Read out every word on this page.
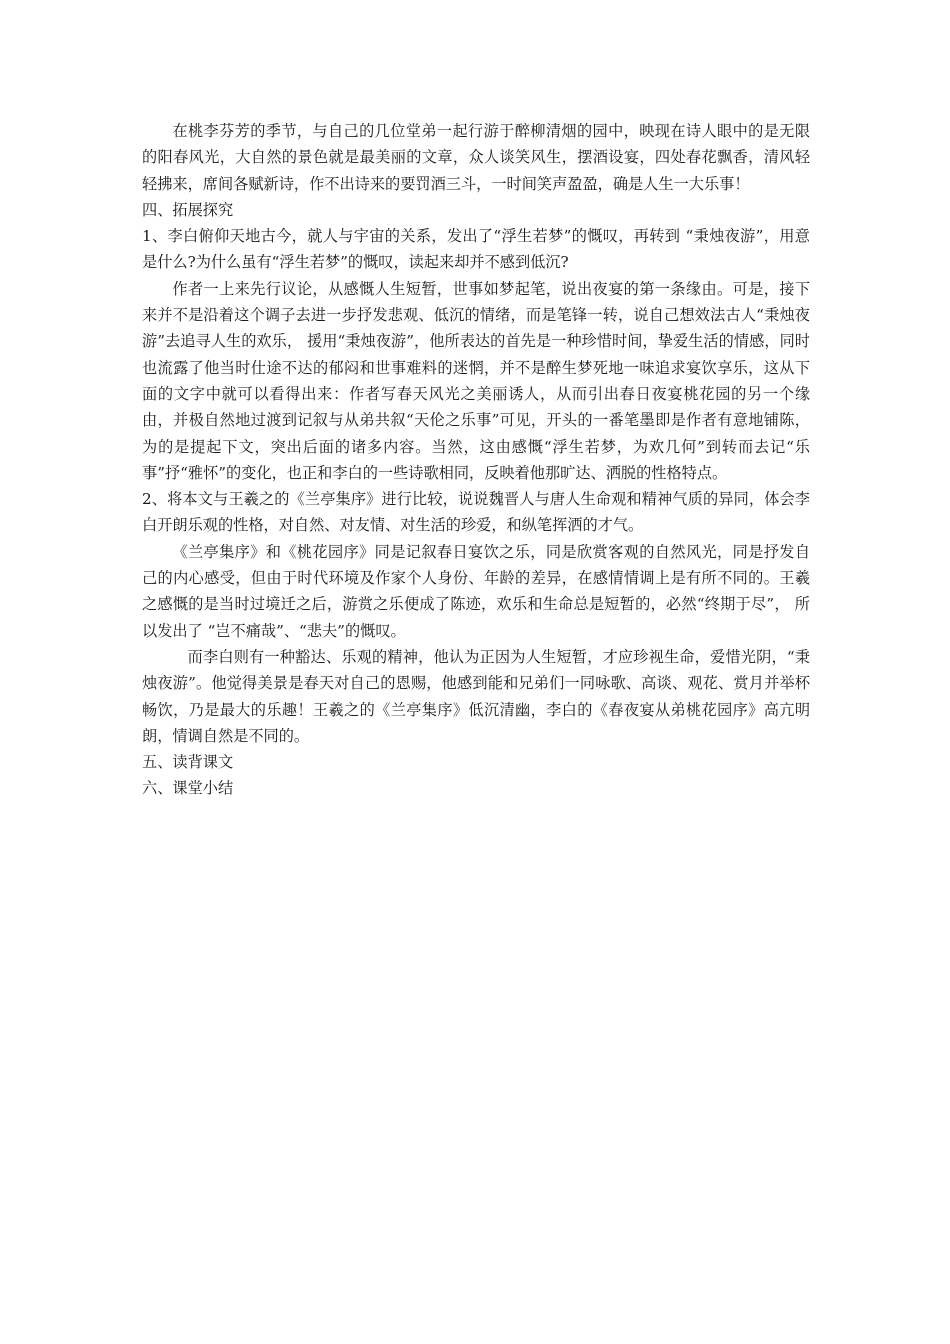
在桃李芬芳的季节，与自己的几位堂弟一起行游于醉柳清烟的园中，映现在诗人眼中的是无限的阳春风光，大自然的景色就是最美丽的文章，众人谈笑风生，摆酒设宴，四处春花飘香，清风轻轻拂来，席间各赋新诗，作不出诗来的要罚酒三斗，一时间笑声盈盈，确是人生一大乐事！

四、拓展探究

1、李白俯仰天地古今，就人与宇宙的关系，发出了“浮生若梦”的慨叹，再转到 “秉烛夜游”，用意是什么?为什么虽有“浮生若梦”的慨叹，读起来却并不感到低沉?

作者一上来先行议论，从感慨人生短暂，世事如梦起笔，说出夜宴的第一条缘由。可是，接下来并不是沿着这个调子去进一步抒发悲观、低沉的情绪，而是笔锋一转，说自己想效法古人“秉烛夜游”去追寻人生的欢乐， 援用“秉烛夜游”，他所表达的首先是一种珍惜时间，挚爱生活的情感，同时也流露了他当时仕途不达的郁闷和世事难料的迷惘，并不是醉生梦死地一味追求宴饮享乐，这从下面的文字中就可以看得出来：作者写春天风光之美丽诱人，从而引出春日夜宴桃花园的另一个缘由，并极自然地过渡到记叙与从弟共叙“天伦之乐事”可见，开头的一番笔墨即是作者有意地铺陈，为的是提起下文，突出后面的诸多内容。当然，这由感慨“浮生若梦，为欢几何”到转而去记“乐事”抒“雅怀”的变化，也正和李白的一些诗歌相同，反映着他那旷达、洒脱的性格特点。

2、将本文与王羲之的《兰亭集序》进行比较，说说魏晋人与唐人生命观和精神气质的异同，体会李白开朗乐观的性格，对自然、对友情、对生活的珍爱，和纵笔挥洒的才气。

《兰亭集序》和《桃花园序》同是记叙春日宴饮之乐，同是欣赏客观的自然风光，同是抒发自己的内心感受，但由于时代环境及作家个人身份、年龄的差异，在感情情调上是有所不同的。王羲之感慨的是当时过境迁之后，游赏之乐便成了陈迹，欢乐和生命总是短暂的，必然“终期于尽”， 所以发出了 “岂不痛哉”、“悲夫”的慨叹。

而李白则有一种豁达、乐观的精神，他认为正因为人生短暂，才应珍视生命，爱惜光阴，“秉烛夜游”。他觉得美景是春天对自己的恩赐，他感到能和兄弟们一同咏歌、高谈、观花、赏月并举杯畅饮，乃是最大的乐趣！王羲之的《兰亭集序》低沉清幽，李白的《春夜宴从弟桃花园序》高亢明朗，情调自然是不同的。

五、读背课文

六、课堂小结
